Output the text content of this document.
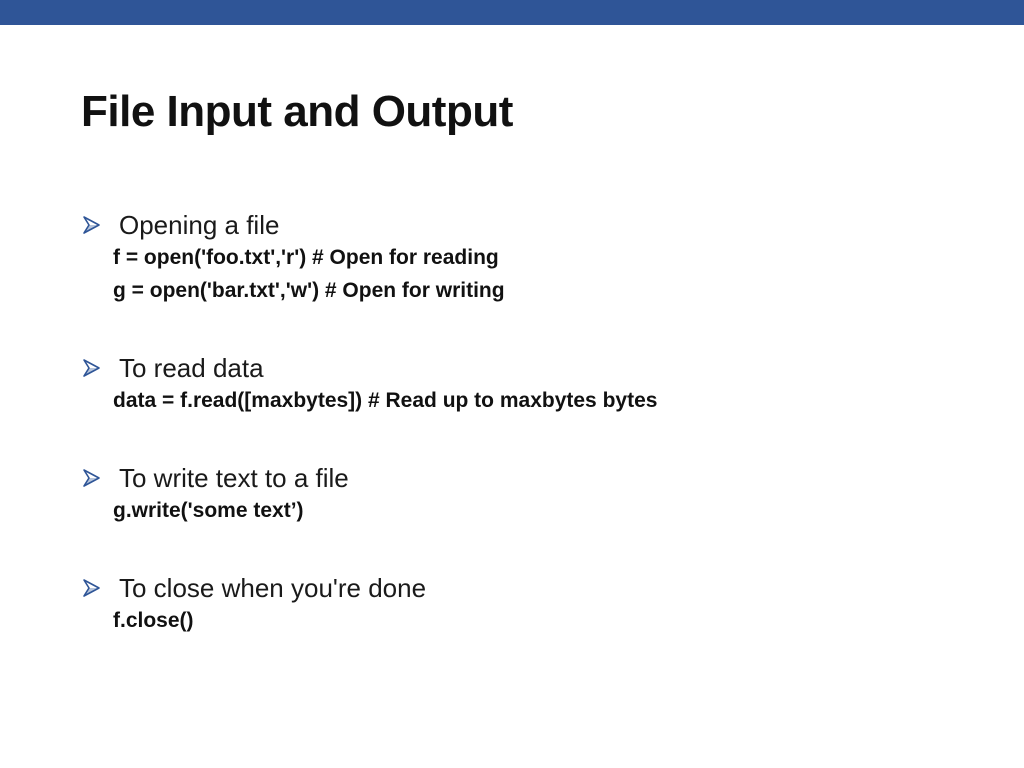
File Input and Output
Opening a file
f = open('foo.txt','r') # Open for reading
g = open('bar.txt','w') # Open for writing
To read data
data = f.read([maxbytes]) # Read up to maxbytes bytes
To write text to a file
g.write('some text’)
To close when you're done
f.close()
